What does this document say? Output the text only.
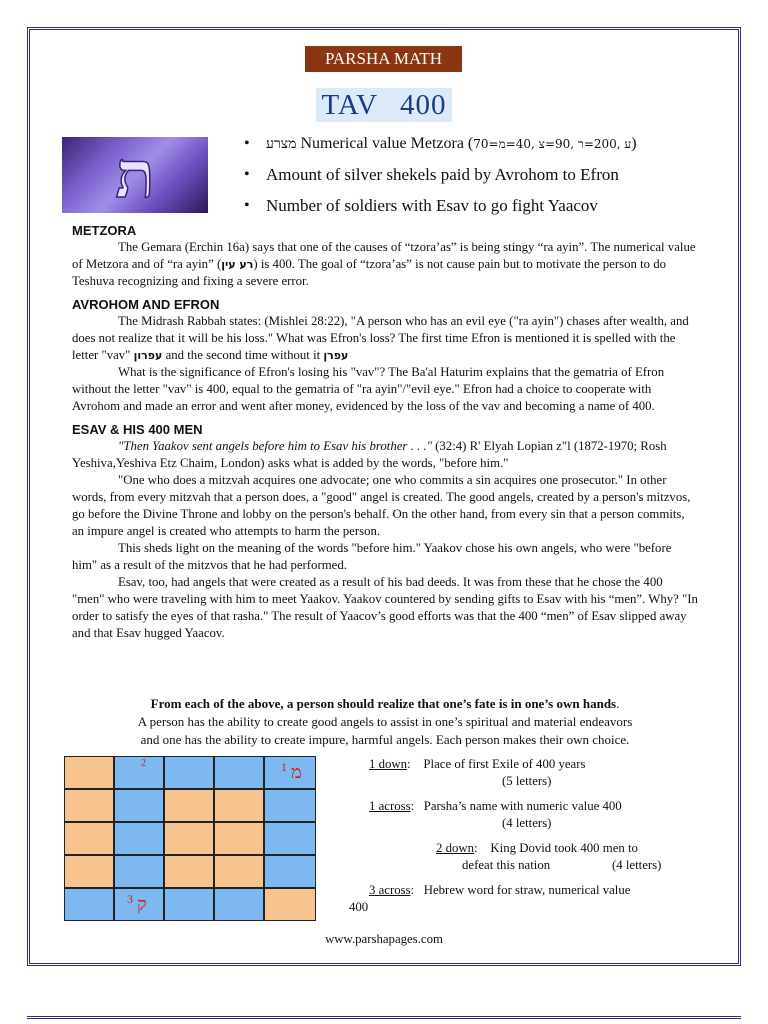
PARSHA MATH
TAV 400
ת
•	מצרע Numerical value Metzora (70=ע ,200=ר ,90=צ ,40=מ)
• Amount of silver shekels paid by Avrohom to Efron
• Number of soldiers with Esav to go fight Yaacov
METZORA

The Gemara (Erchin 16a) says that one of the causes of “tzora’as” is being stingy “ra ayin”. The numerical value of Metzora and of “ra ayin” (רע עין) is 400. The goal of “tzora’as” is not cause pain but to motivate the person to do Teshuva recognizing and fixing a severe error.

AVROHOM AND EFRON

The Midrash Rabbah states: (Mishlei 28:22), "A person who has an evil eye ("ra ayin") chases after wealth, and does not realize that it will be his loss." What was Efron's loss? The first time Efron is mentioned it is spelled with the letter "vav" עפרון and the second time without it עפרן

What is the significance of Efron's losing his "vav"? The Ba'al Haturim explains that the gematria of Efron without the letter "vav" is 400, equal to the gematria of "ra ayin"/"evil eye." Efron had a choice to cooperate with Avrohom and made an error and went after money, evidenced by the loss of the vav and becoming a name of 400.

ESAV & HIS 400 MEN

"Then Yaakov sent angels before him to Esav his brother . . ." (32:4) R' Elyah Lopian z"l (1872-1970; Rosh Yeshiva,Yeshiva Etz Chaim, London) asks what is added by the words, "before him."

"One who does a mitzvah acquires one advocate; one who commits a sin acquires one prosecutor." In other words, from every mitzvah that a person does, a "good" angel is created. The good angels, created by a person's mitzvos, go before the Divine Throne and lobby on the person's behalf. On the other hand, from every sin that a person commits, an impure angel is created who attempts to harm the person.

This sheds light on the meaning of the words "before him." Yaakov chose his own angels, who were "before him" as a result of the mitzvos that he had performed.

Esav, too, had angels that were created as a result of his bad deeds. It was from these that he chose the 400 "men" who were traveling with him to meet Yaakov. Yaakov countered by sending gifts to Esav with his “men”. Why? "In order to satisfy the eyes of that rasha." The result of Yaacov’s good efforts was that the 400 “men” of Esav slipped away and that Esav hugged Yaacov.

From each of the above, a person should realize that one’s fate is in one’s own hands.
A person has the ability to create good angels to assist in one’s spiritual and material endeavors
and one has the ability to create impure, harmful angels. Each person makes their own choice.
2	1 מ
3 ק
1 down:    Place of first Exile of 400 years
(5 letters)
1 across:   Parsha’s name with numeric value 400
(4 letters)
2 down:    King Dovid took 400 men to
defeat this nation	(4 letters)
3 across:   Hebrew word for straw, numerical value
400
www.parshapages.com
